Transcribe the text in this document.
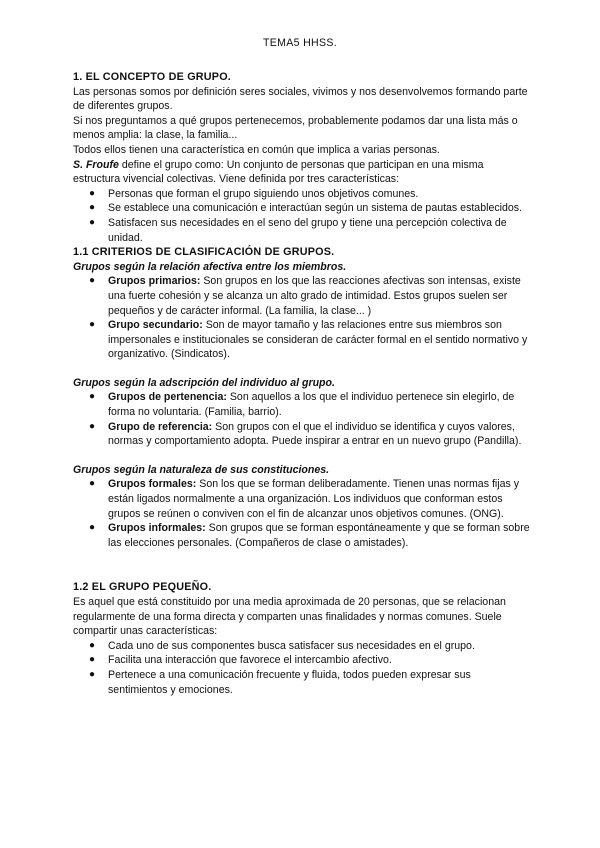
TEMA5 HHSS.
1. EL CONCEPTO DE GRUPO.

Las personas somos por definición seres sociales, vivimos y nos desenvolvemos formando parte de diferentes grupos.

Si nos preguntamos a qué grupos pertenecemos, probablemente podamos dar una lista más o menos amplia: la clase, la familia...

Todos ellos tienen una característica en común que implica a varias personas.

S. Froufe define el grupo como: Un conjunto de personas que participan en una misma estructura vivencial colectivas. Viene definida por tres características:

● Personas que forman el grupo siguiendo unos objetivos comunes.
● Se establece una comunicación e interactúan según un sistema de pautas establecidos.
● Satisfacen sus necesidades en el seno del grupo y tiene una percepción colectiva de unidad.
1.1 CRITERIOS DE CLASIFICACIÓN DE GRUPOS.

Grupos según la relación afectiva entre los miembros.

● Grupos primarios: Son grupos en los que las reacciones afectivas son intensas, existe una fuerte cohesión y se alcanza un alto grado de intimidad. Estos grupos suelen ser pequeños y de carácter informal. (La familia, la clase... )
● Grupo secundario: Son de mayor tamaño y las relaciones entre sus miembros son impersonales e institucionales se consideran de carácter formal en el sentido normativo y organizativo. (Sindicatos).

Grupos según la adscripción del individuo al grupo.

● Grupos de pertenencia: Son aquellos a los que el individuo pertenece sin elegirlo, de forma no voluntaria. (Familia, barrio).
● Grupo de referencia: Son grupos con el que el individuo se identifica y cuyos valores, normas y comportamiento adopta. Puede inspirar a entrar en un nuevo grupo (Pandilla).

Grupos según la naturaleza de sus constituciones.

● Grupos formales: Son los que se forman deliberadamente. Tienen unas normas fijas y están ligados normalmente a una organización. Los individuos que conforman estos grupos se reúnen o conviven con el fin de alcanzar unos objetivos comunes. (ONG).
● Grupos informales: Son grupos que se forman espontáneamente y que se forman sobre las elecciones personales. (Compañeros de clase o amistades).
1.2 EL GRUPO PEQUEÑO.

Es aquel que está constituido por una media aproximada de 20 personas, que se relacionan regularmente de una forma directa y comparten unas finalidades y normas comunes. Suele compartir unas características:

● Cada uno de sus componentes busca satisfacer sus necesidades en el grupo.
● Facilita una interacción que favorece el intercambio afectivo.
● Pertenece a una comunicación frecuente y fluida, todos pueden expresar sus sentimientos y emociones.
